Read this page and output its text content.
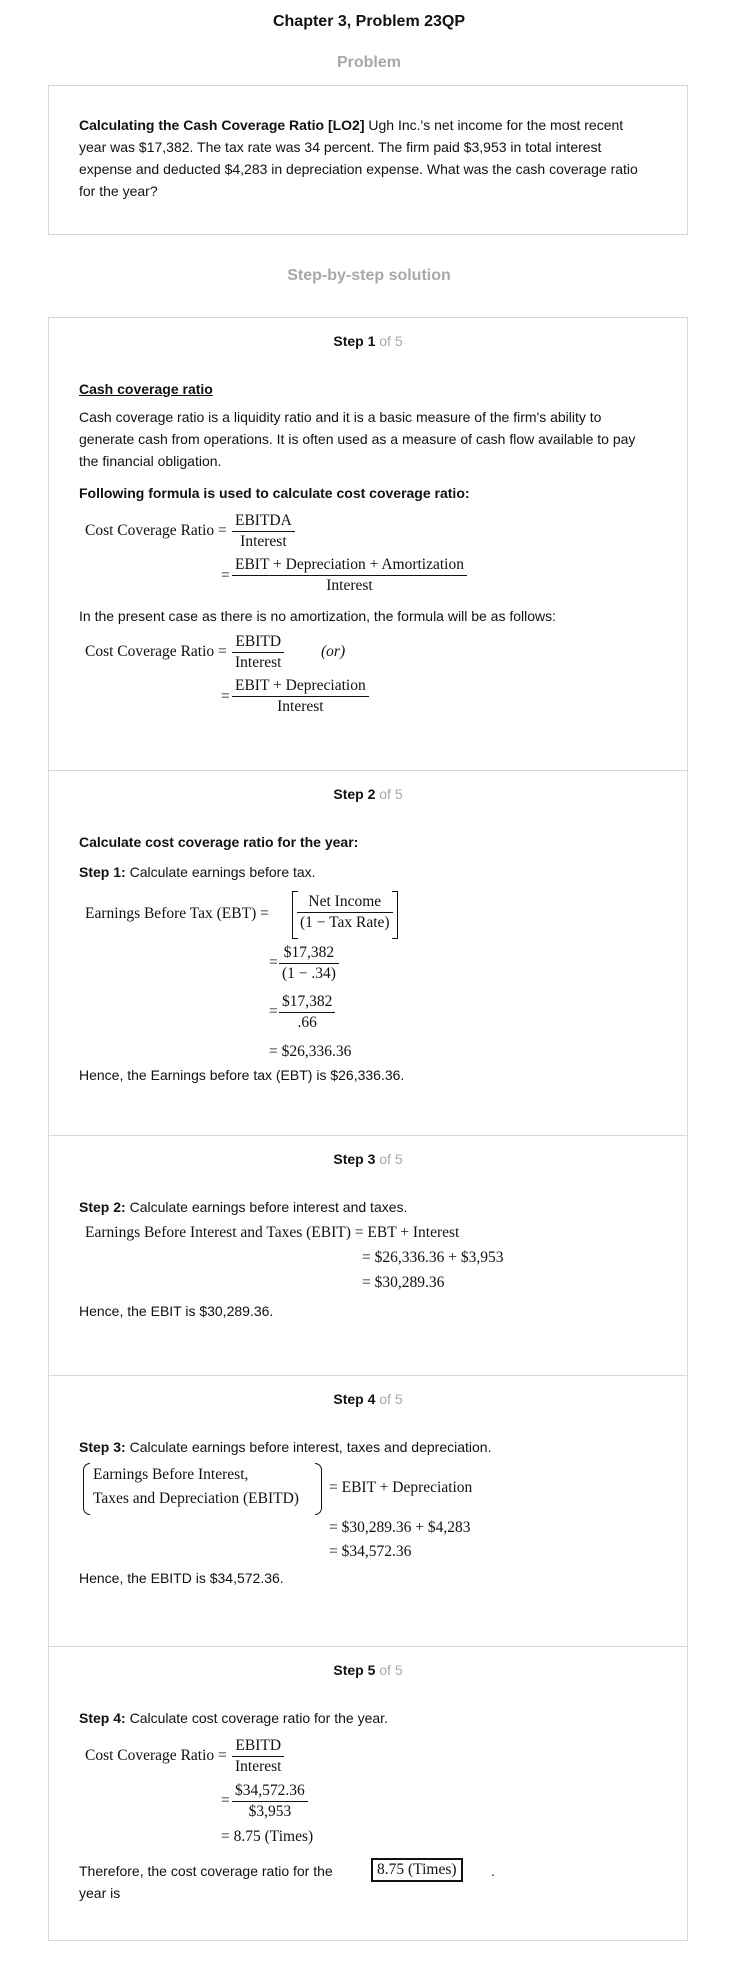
Chapter 3, Problem 23QP
Problem
Calculating the Cash Coverage Ratio [LO2] Ugh Inc.'s net income for the most recent
year was $17,382. The tax rate was 34 percent. The firm paid $3,953 in total interest
expense and deducted $4,283 in depreciation expense. What was the cash coverage ratio
for the year?
Step-by-step solution
Step 1 of 5
Cash coverage ratio
Cash coverage ratio is a liquidity ratio and it is a basic measure of the firm's ability to
generate cash from operations. It is often used as a measure of cash flow available to pay
the financial obligation.
Following formula is used to calculate cost coverage ratio:
Cost Coverage Ratio =
EBITDA
Interest
=
EBIT + Depreciation + Amortization
Interest
In the present case as there is no amortization, the formula will be as follows:
Cost Coverage Ratio =
EBITD
Interest
(or)
=
EBIT + Depreciation
Interest
Step 2 of 5
Calculate cost coverage ratio for the year:
Step 1: Calculate earnings before tax.
Earnings Before Tax (EBT) =
Net Income
(1 − Tax Rate)
= $\frac{\$17,382}{(1 - .34)}$
= $\frac{\$17,382}{.66}$
= $26,336.36
Hence, the Earnings before tax (EBT) is $26,336.36.
Step 3 of 5
Step 2: Calculate earnings before interest and taxes.
Earnings Before Interest and Taxes (EBIT) = EBT + Interest
= $26,336.36 + $3,953
= $30,289.36
Hence, the EBIT is $30,289.36.
Step 4 of 5
Step 3: Calculate earnings before interest, taxes and depreciation.
Earnings Before Interest,
Taxes and Depreciation (EBITD)
= EBIT + Depreciation
= $30,289.36 + $4,283
= $34,572.36
Hence, the EBITD is $34,572.36.
Step 5 of 5
Step 4: Calculate cost coverage ratio for the year.
Cost Coverage Ratio =
EBITD
Interest
= $\frac{\$34,572.36}{\$3,953}$
= 8.75 (Times)
Therefore, the cost coverage ratio for the year is
8.75 (Times)	.
